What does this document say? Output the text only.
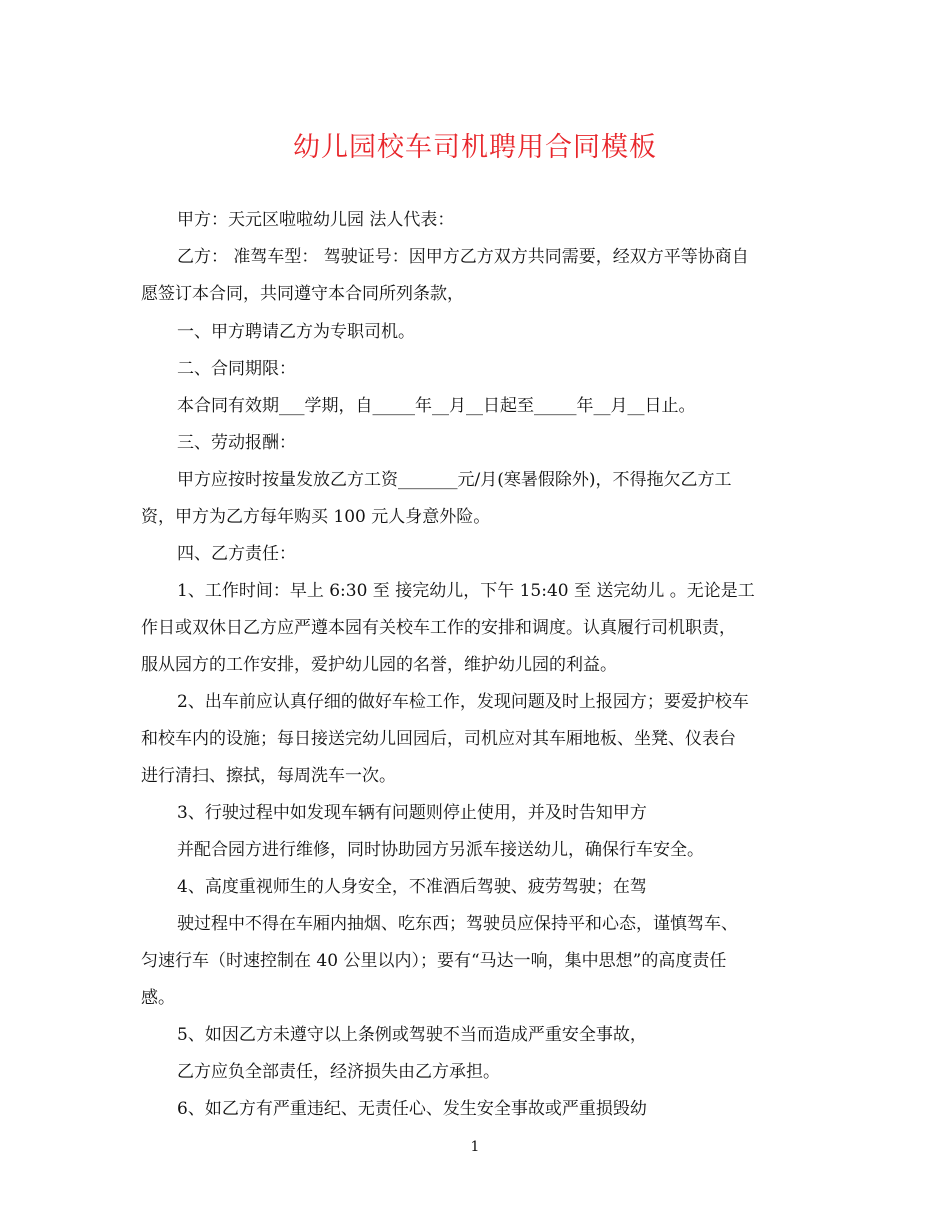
幼儿园校车司机聘用合同模板
甲方：天元区啦啦幼儿园 法人代表：
乙方： 准驾车型： 驾驶证号：因甲方乙方双方共同需要，经双方平等协商自
愿签订本合同，共同遵守本合同所列条款，
一、甲方聘请乙方为专职司机。
二、合同期限：
本合同有效期___学期，自_____年__月__日起至_____年__月__日止。
三、劳动报酬：
甲方应按时按量发放乙方工资_______元/月(寒暑假除外)，不得拖欠乙方工
资，甲方为乙方每年购买 100 元人身意外险。
四、乙方责任：
1、工作时间：早上 6:30 至 接完幼儿，下午 15:40 至 送完幼儿 。无论是工
作日或双休日乙方应严遵本园有关校车工作的安排和调度。认真履行司机职责，
服从园方的工作安排，爱护幼儿园的名誉，维护幼儿园的利益。
2、出车前应认真仔细的做好车检工作，发现问题及时上报园方；要爱护校车
和校车内的设施；每日接送完幼儿回园后，司机应对其车厢地板、坐凳、仪表台
进行清扫、擦拭，每周洗车一次。
3、行驶过程中如发现车辆有问题则停止使用，并及时告知甲方
并配合园方进行维修，同时协助园方另派车接送幼儿，确保行车安全。
4、高度重视师生的人身安全，不准酒后驾驶、疲劳驾驶；在驾
驶过程中不得在车厢内抽烟、吃东西；驾驶员应保持平和心态，谨慎驾车、
匀速行车（时速控制在 40 公里以内）；要有“马达一响，集中思想”的高度责任
感。
5、如因乙方未遵守以上条例或驾驶不当而造成严重安全事故，
乙方应负全部责任，经济损失由乙方承担。
6、如乙方有严重违纪、无责任心、发生安全事故或严重损毁幼
1
